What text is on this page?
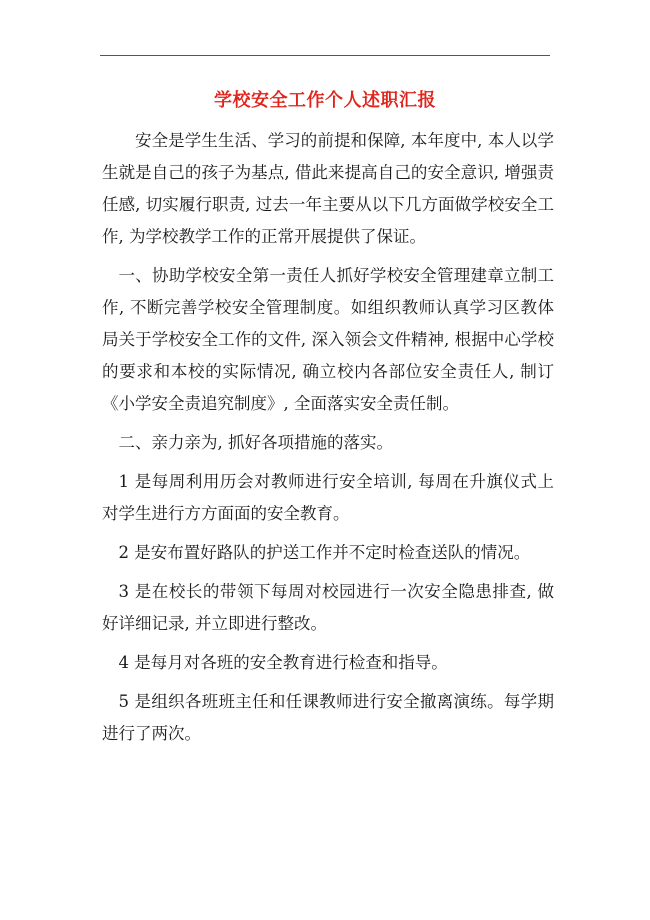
学校安全工作个人述职汇报

安全是学生生活、学习的前提和保障, 本年度中, 本人以学生就是自己的孩子为基点, 借此来提高自己的安全意识, 增强责任感, 切实履行职责, 过去一年主要从以下几方面做学校安全工作, 为学校教学工作的正常开展提供了保证。

一、协助学校安全第一责任人抓好学校安全管理建章立制工作, 不断完善学校安全管理制度。如组织教师认真学习区教体局关于学校安全工作的文件, 深入领会文件精神, 根据中心学校的要求和本校的实际情况, 确立校内各部位安全责任人, 制订《小学安全责追究制度》, 全面落实安全责任制。

二、亲力亲为, 抓好各项措施的落实。

1 是每周利用历会对教师进行安全培训, 每周在升旗仪式上对学生进行方方面面的安全教育。

2 是安布置好路队的护送工作并不定时检查送队的情况。

3 是在校长的带领下每周对校园进行一次安全隐患排查, 做好详细记录, 并立即进行整改。

4 是每月对各班的安全教育进行检查和指导。

5 是组织各班班主任和任课教师进行安全撤离演练。每学期进行了两次。
